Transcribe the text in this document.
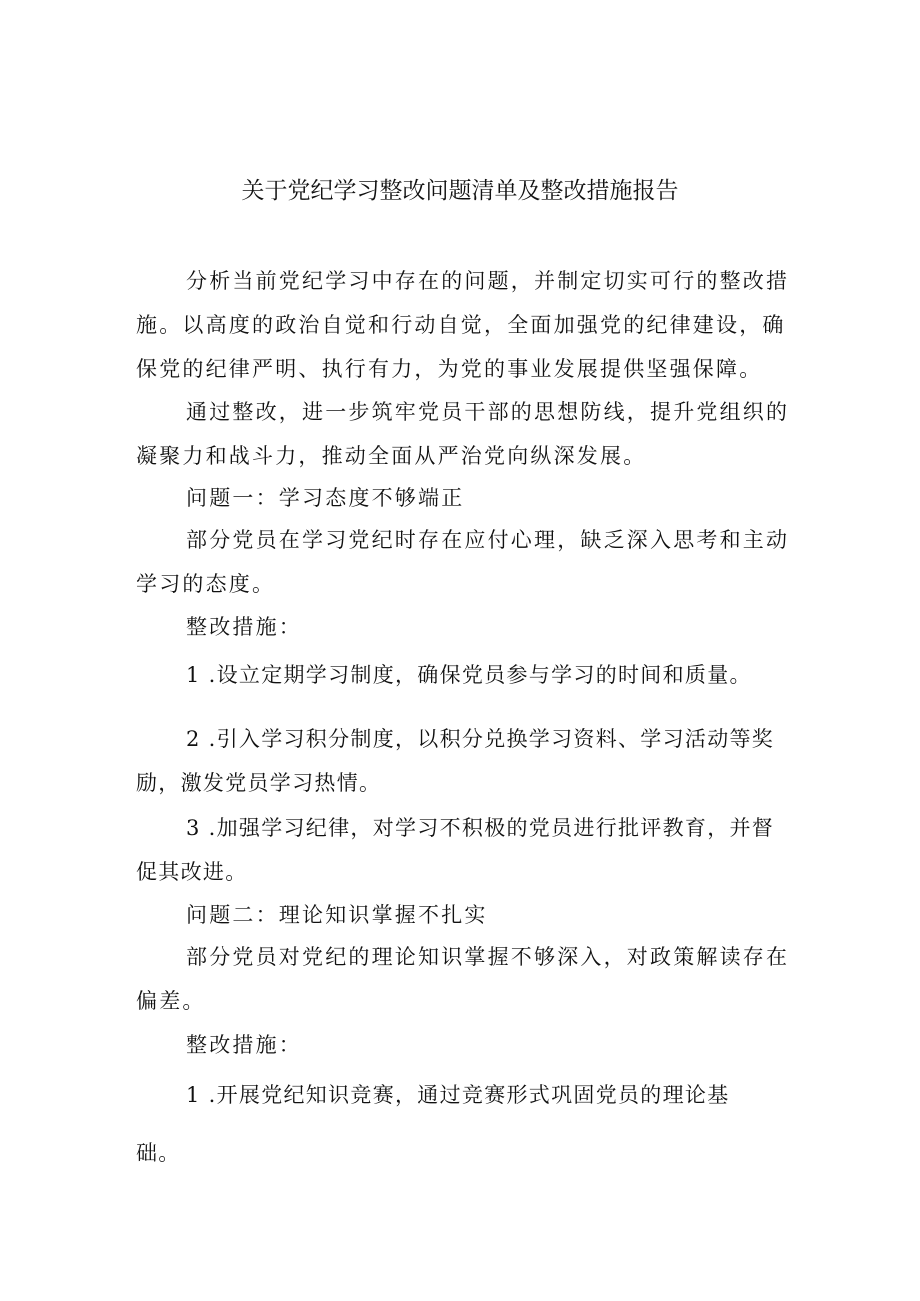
关于党纪学习整改问题清单及整改措施报告
分析当前党纪学习中存在的问题，并制定切实可行的整改措
施。以高度的政治自觉和行动自觉，全面加强党的纪律建设，确
保党的纪律严明、执行有力，为党的事业发展提供坚强保障。
通过整改，进一步筑牢党员干部的思想防线，提升党组织的
凝聚力和战斗力，推动全面从严治党向纵深发展。
问题一：学习态度不够端正
部分党员在学习党纪时存在应付心理，缺乏深入思考和主动
学习的态度。
整改措施：
1 .设立定期学习制度，确保党员参与学习的时间和质量。
2 .引入学习积分制度，以积分兑换学习资料、学习活动等奖
励，激发党员学习热情。
3 .加强学习纪律，对学习不积极的党员进行批评教育，并督
促其改进。
问题二：理论知识掌握不扎实
部分党员对党纪的理论知识掌握不够深入，对政策解读存在
偏差。
整改措施：
1 .开展党纪知识竞赛，通过竞赛形式巩固党员的理论基
础。
